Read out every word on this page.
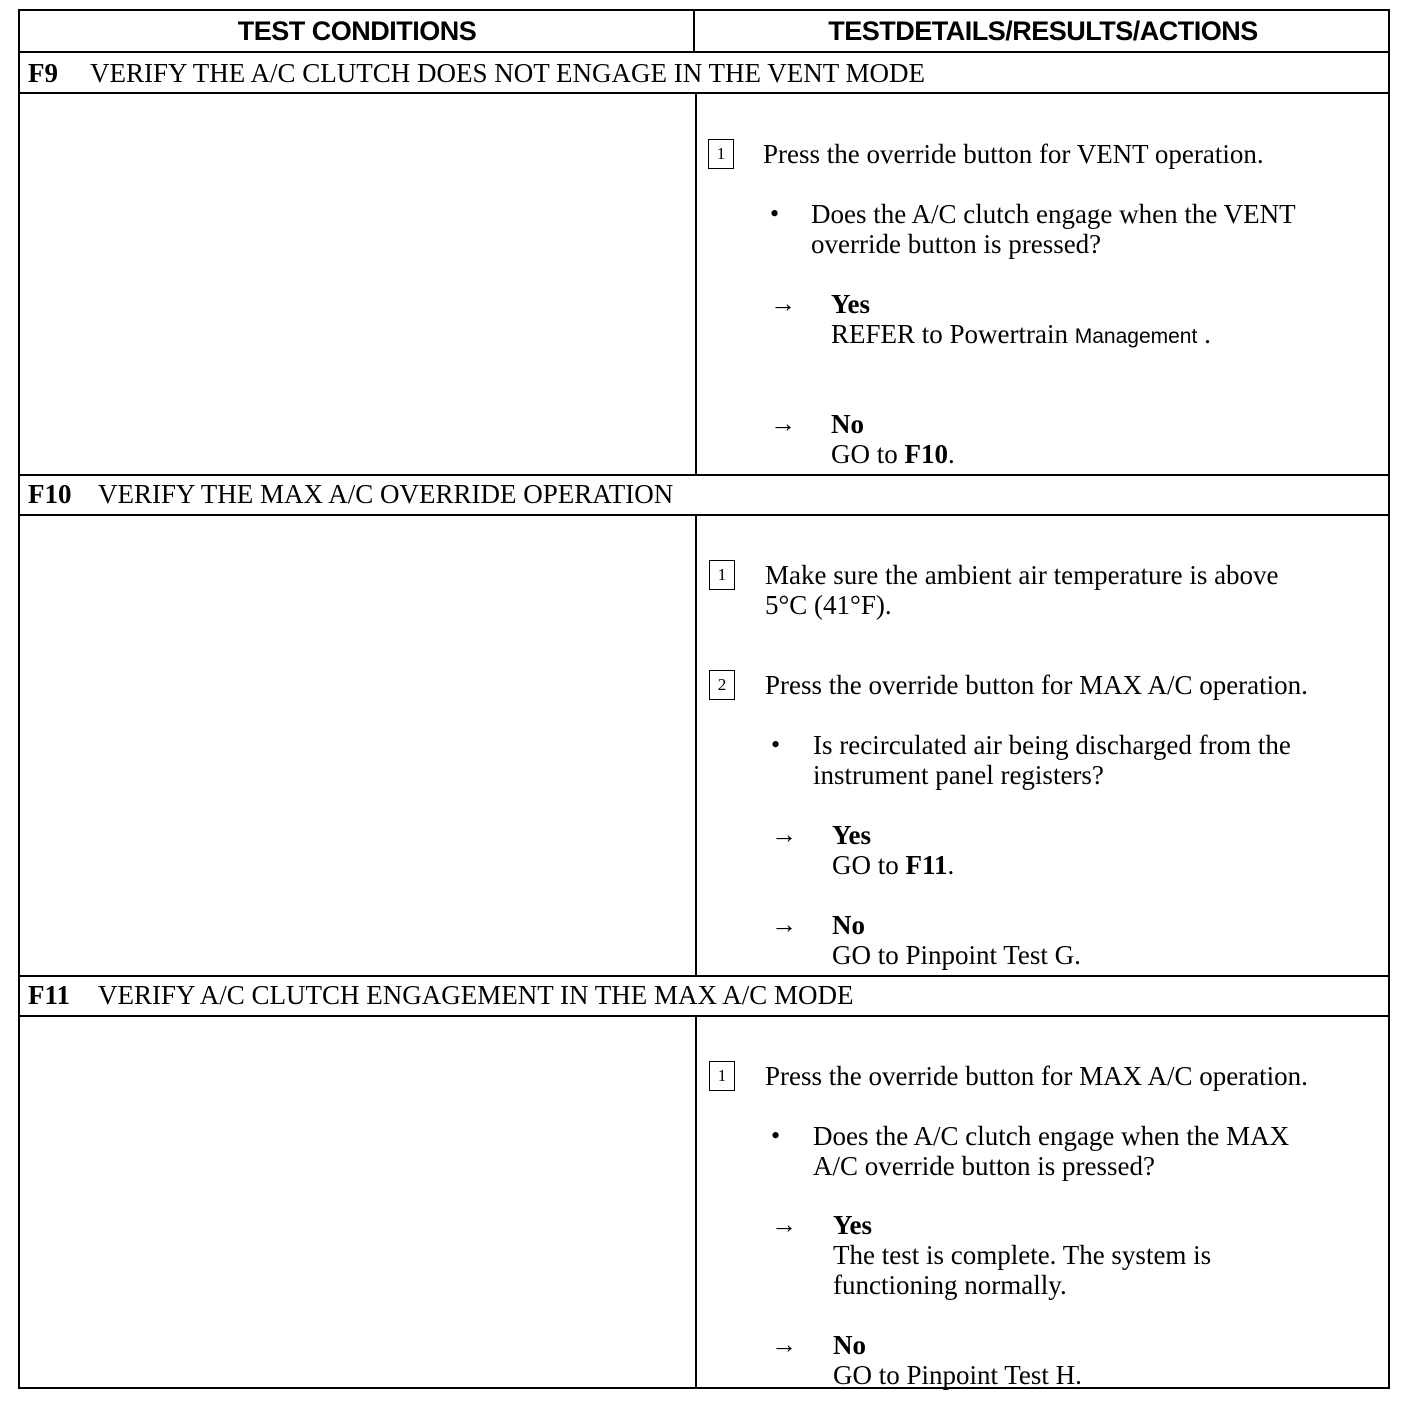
TEST CONDITIONS	TESTDETAILS/RESULTS/ACTIONS
F9 VERIFY THE A/C CLUTCH DOES NOT ENGAGE IN THE VENT MODE
1	Press the override button for VENT operation.
• Does the A/C clutch engage when the VENT
override button is pressed?
→ Yes
REFER to Powertrain Management .
→ No
GO to F10.
F10 VERIFY THE MAX A/C OVERRIDE OPERATION
1	Make sure the ambient air temperature is above
5°C (41°F).
2	Press the override button for MAX A/C operation.
• Is recirculated air being discharged from the
instrument panel registers?
→ Yes
GO to F11.
→ No
GO to Pinpoint Test G.
F11 VERIFY A/C CLUTCH ENGAGEMENT IN THE MAX A/C MODE
1	Press the override button for MAX A/C operation.
• Does the A/C clutch engage when the MAX
A/C override button is pressed?
→ Yes
The test is complete. The system is
functioning normally.
→ No
GO to Pinpoint Test H.
